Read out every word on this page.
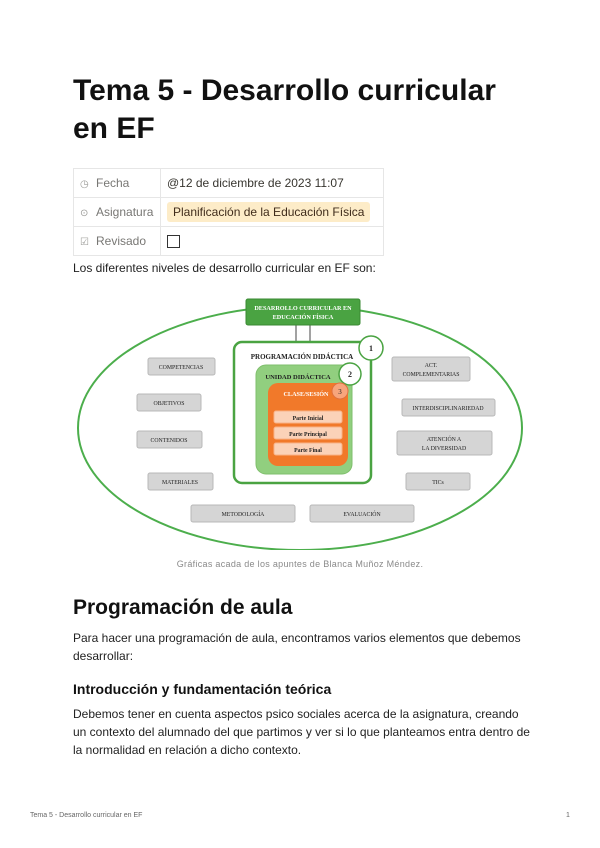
Tema 5 - Desarrollo curricular en EF
◷ Fecha	@12 de diciembre de 2023 11:07
⊙ Asignatura	Planificación de la Educación Física
☑ Revisado	

Los diferentes niveles de desarrollo curricular en EF son:

DESARROLLO CURRICULAR EN
EDUCACIÓN FÍSICA
PROGRAMACIÓN DIDÁCTICA
1
UNIDAD DIDÁCTICA 2
CLASE/SESIÓN 3
Parte Inicial
Parte Principal
Parte Final
COMPETENCIAS
OBJETIVOS
CONTENIDOS
MATERIALES
ACT.
COMPLEMENTARIAS
INTERDISCIPLINARIEDAD
ATENCIÓN A
LA DIVERSIDAD
TICs
METODOLOGÍA	EVALUACIÓN

Gráficas acada de los apuntes de Blanca Muñoz Méndez.

Programación de aula

Para hacer una programación de aula, encontramos varios elementos que debemos desarrollar:

Introducción y fundamentación teórica

Debemos tener en cuenta aspectos psico sociales acerca de la asignatura, creando un contexto del alumnado del que partimos y ver si lo que planteamos entra dentro de la normalidad en relación a dicho contexto.

Tema 5 - Desarrollo curricular en EF	1
